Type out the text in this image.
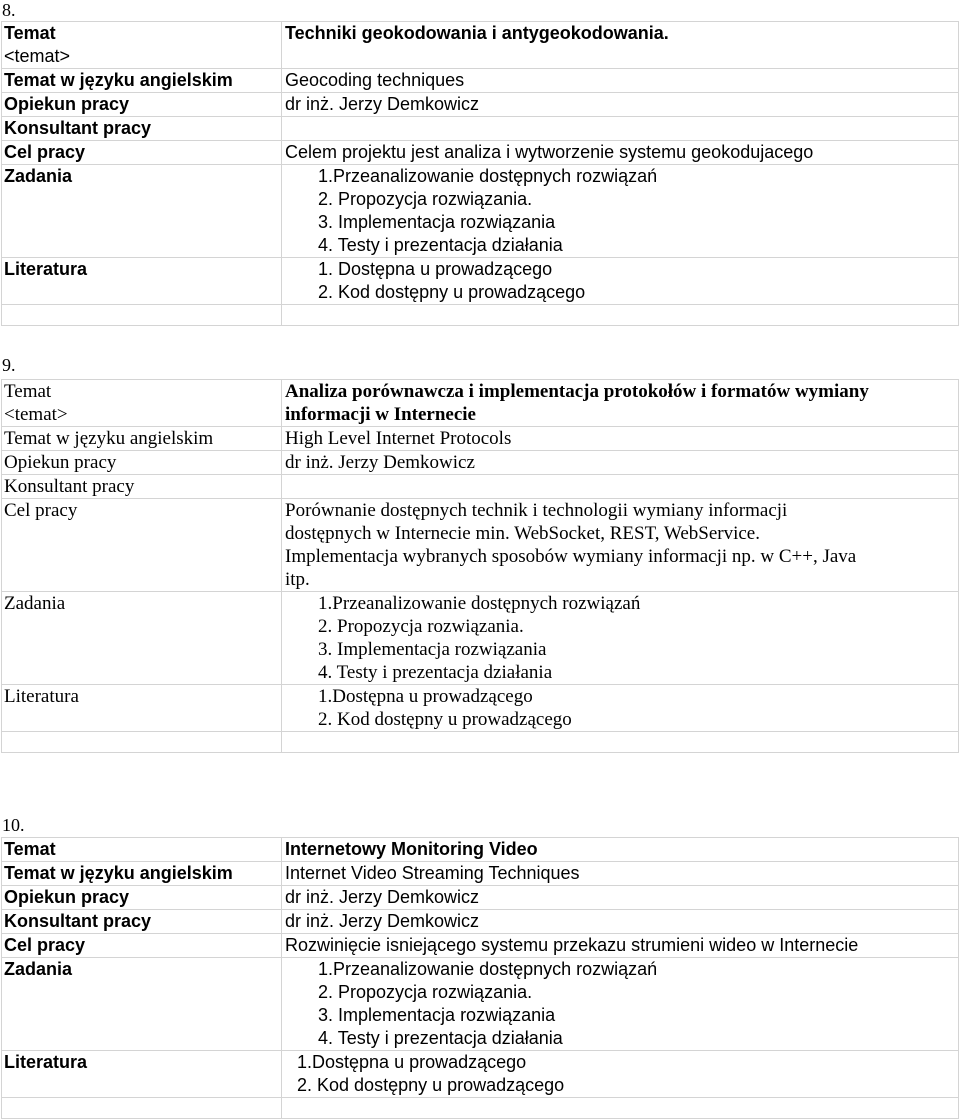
8.
Temat
<temat>	Techniki geokodowania i antygeokodowania.
Temat w języku angielskim	Geocoding techniques
Opiekun pracy	dr inż. Jerzy Demkowicz
Konsultant pracy	
Cel pracy	Celem projektu jest analiza i wytworzenie systemu geokodujacego
Zadania	1.Przeanalizowanie dostępnych rozwiązań
2. Propozycja rozwiązania.
3. Implementacja rozwiązania
4. Testy i prezentacja działania

Literatura	1. Dostępna u prowadzącego
2. Kod dostępny u prowadzącego

9.
Temat
<temat>	Analiza porównawcza i implementacja protokołów i formatów wymiany
informacji w Internecie

Temat w języku angielskim	High Level Internet Protocols
Opiekun pracy	dr inż. Jerzy Demkowicz
Konsultant pracy	
Cel pracy	Porównanie dostępnych technik i technologii wymiany informacji
dostępnych w Internecie min. WebSocket, REST, WebService.
Implementacja wybranych sposobów wymiany informacji np. w C++, Java
itp.

Zadania	1.Przeanalizowanie dostępnych rozwiązań
2. Propozycja rozwiązania.
3. Implementacja rozwiązania
4. Testy i prezentacja działania

Literatura	1.Dostępna u prowadzącego
2. Kod dostępny u prowadzącego

10.
Temat	Internetowy Monitoring Video
Temat w języku angielskim	Internet Video Streaming Techniques
Opiekun pracy	dr inż. Jerzy Demkowicz
Konsultant pracy	dr inż. Jerzy Demkowicz
Cel pracy	Rozwinięcie isniejącego systemu przekazu strumieni wideo w Internecie
Zadania	1.Przeanalizowanie dostępnych rozwiązań
2. Propozycja rozwiązania.
3. Implementacja rozwiązania
4. Testy i prezentacja działania

Literatura	1.Dostępna u prowadzącego
2. Kod dostępny u prowadzącego
